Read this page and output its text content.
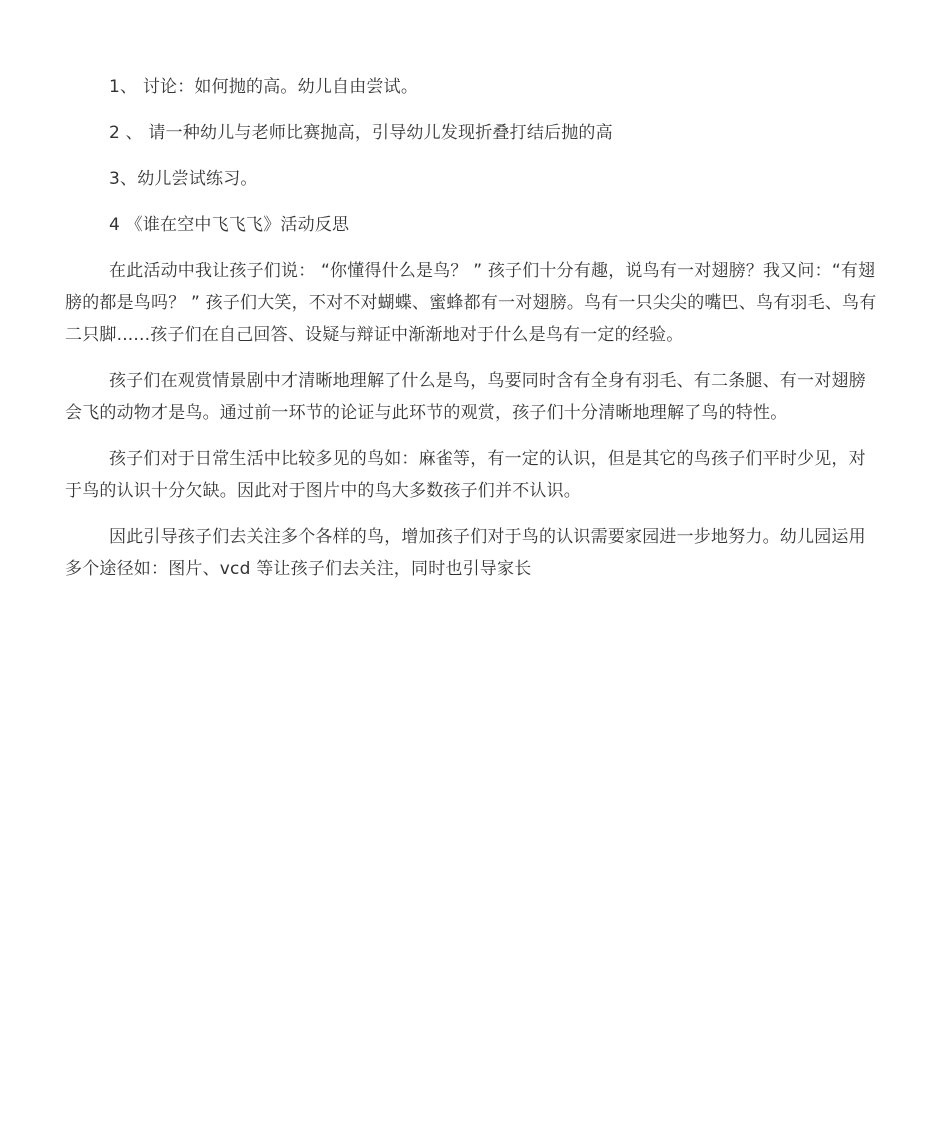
1、 讨论：如何抛的高。幼儿自由尝试。

2 、 请一种幼儿与老师比赛抛高，引导幼儿发现折叠打结后抛的高

3、幼儿尝试练习。

4 《谁在空中飞飞飞》活动反思

在此活动中我让孩子们说： “你懂得什么是鸟？ ” 孩子们十分有趣，说鸟有一对翅膀？我又问：“有翅膀的都是鸟吗？ ” 孩子们大笑，不对不对蝴蝶、蜜蜂都有一对翅膀。鸟有一只尖尖的嘴巴、鸟有羽毛、鸟有二只脚......孩子们在自己回答、设疑与辩证中渐渐地对于什么是鸟有一定的经验。

孩子们在观赏情景剧中才清晰地理解了什么是鸟，鸟要同时含有全身有羽毛、有二条腿、有一对翅膀会飞的动物才是鸟。通过前一环节的论证与此环节的观赏，孩子们十分清晰地理解了鸟的特性。

孩子们对于日常生活中比较多见的鸟如：麻雀等，有一定的认识，但是其它的鸟孩子们平时少见，对于鸟的认识十分欠缺。因此对于图片中的鸟大多数孩子们并不认识。

因此引导孩子们去关注多个各样的鸟，增加孩子们对于鸟的认识需要家园进一步地努力。幼儿园运用多个途径如：图片、vcd 等让孩子们去关注，同时也引导家长
